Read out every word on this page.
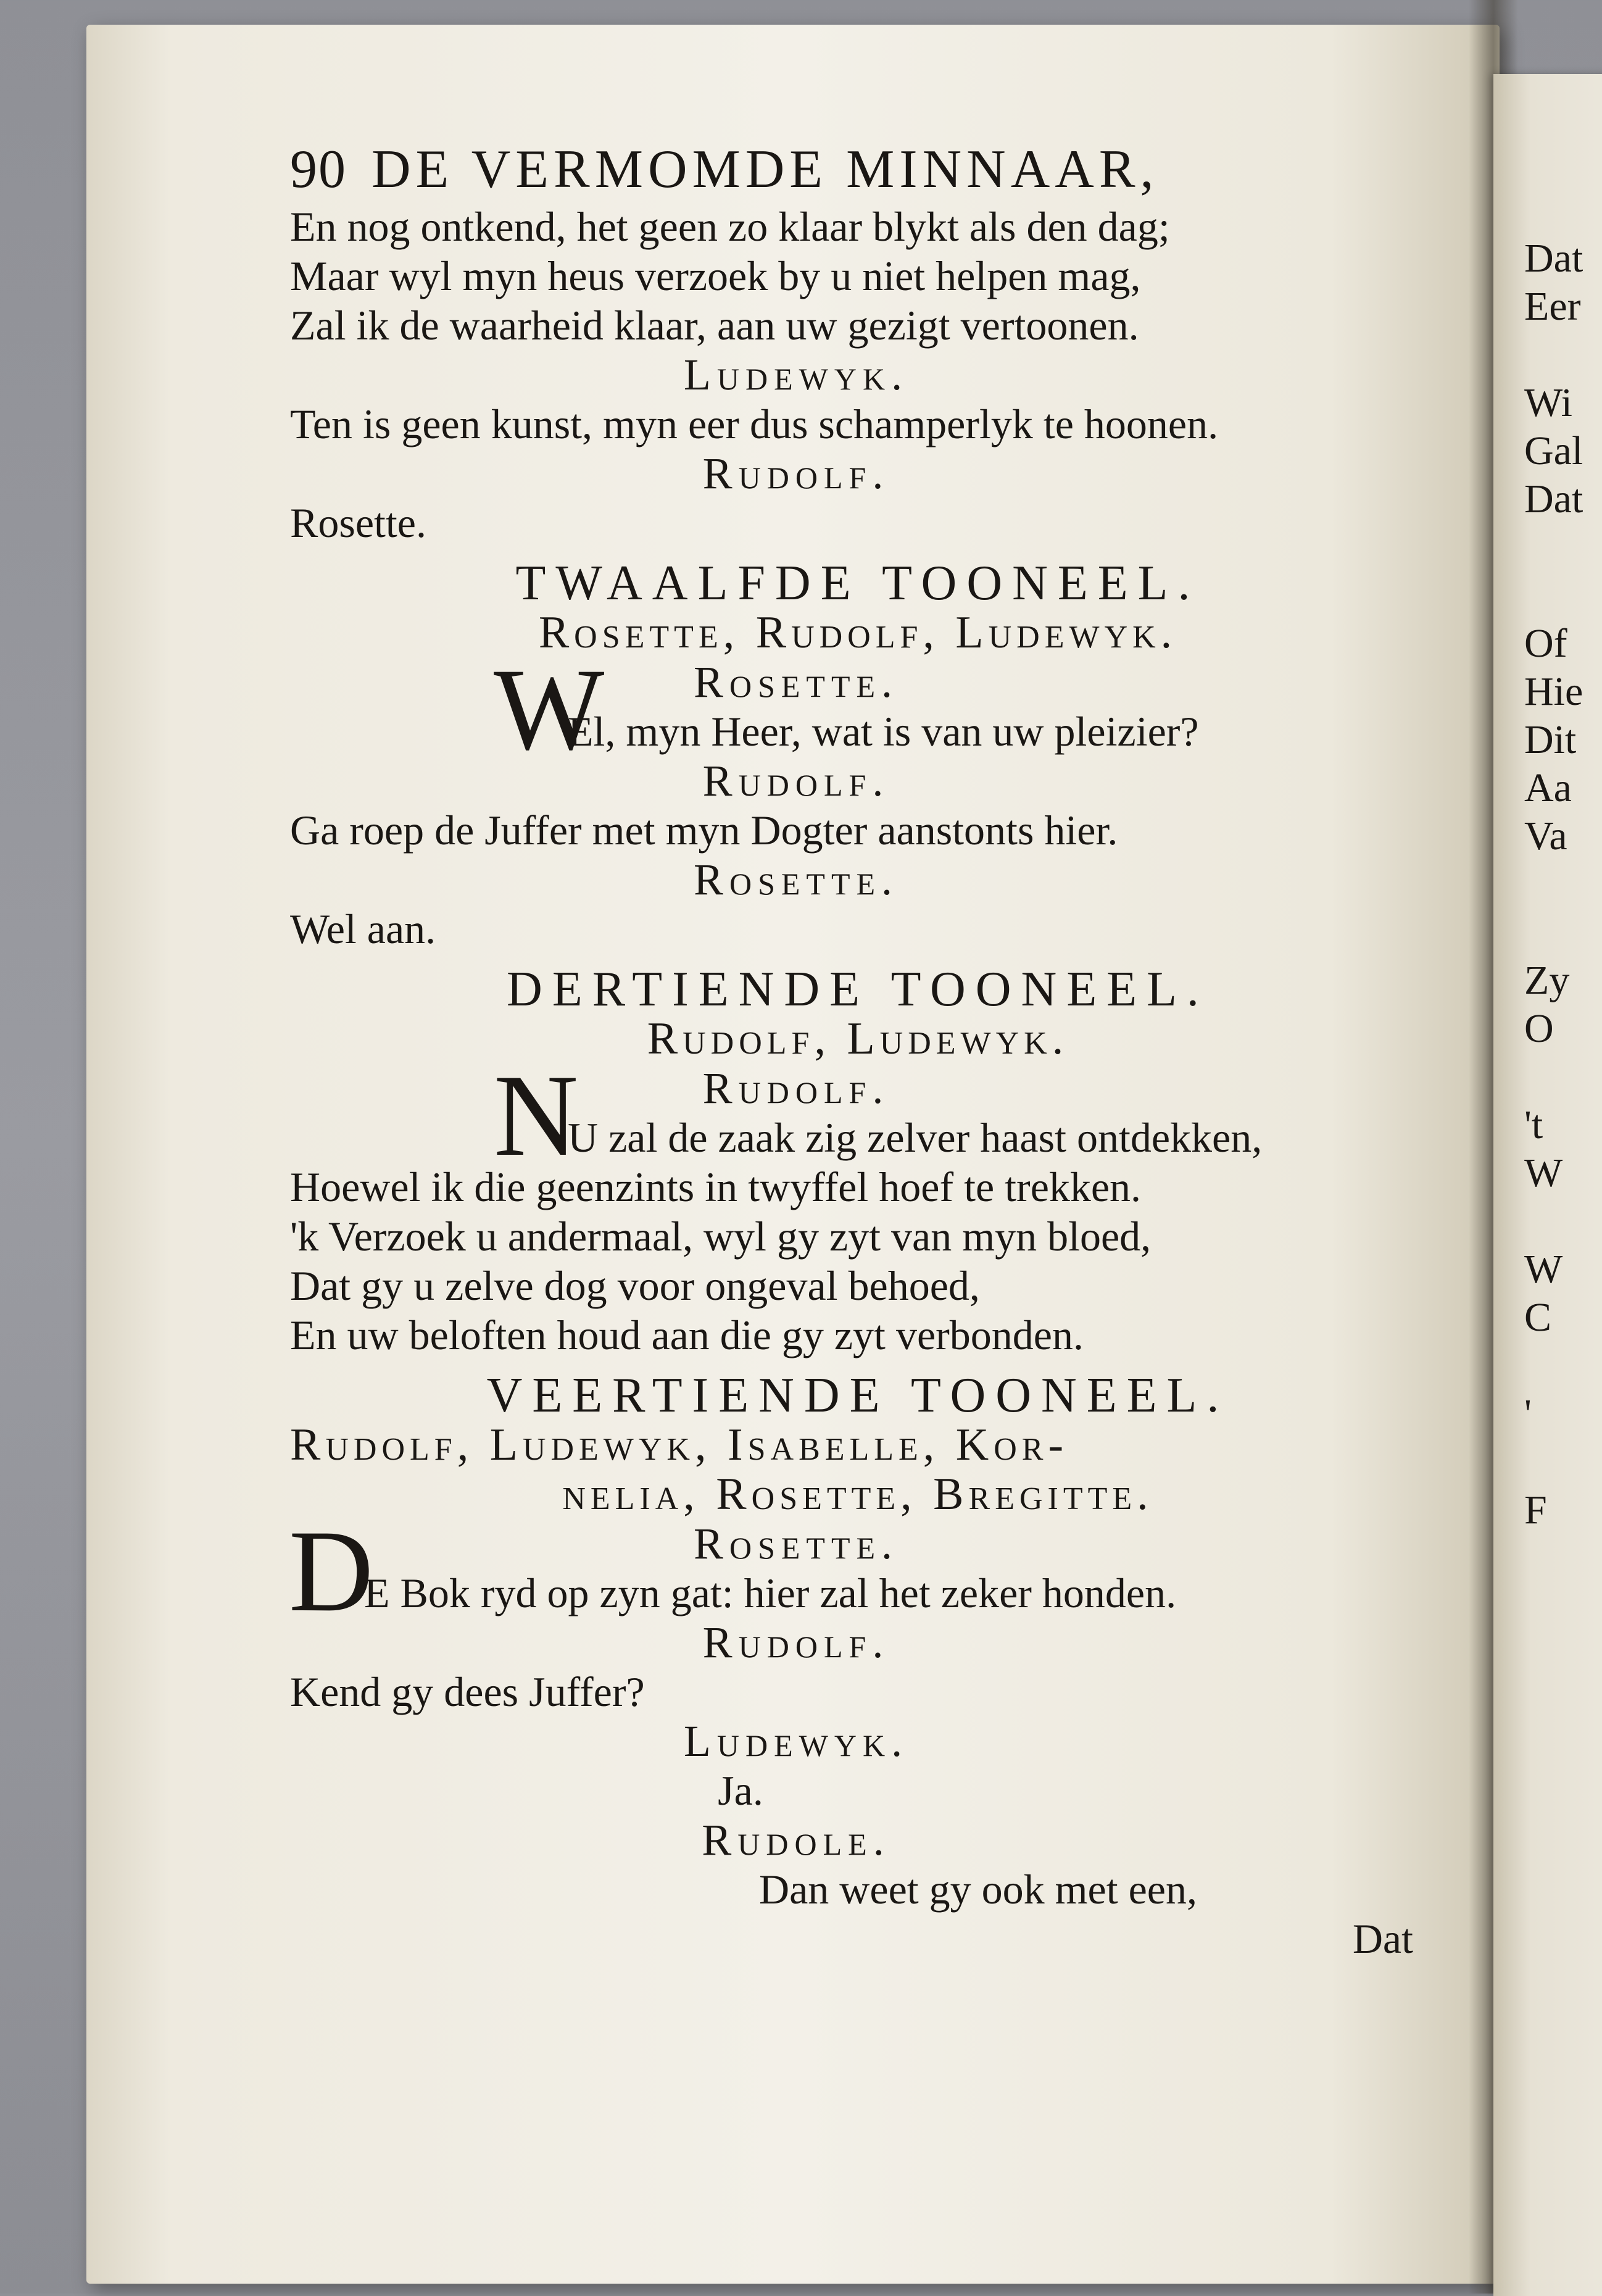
Dat
Eer

Wi
Gal
Dat

Of
Hie
Dit
Aa
Va

Zy
O

't
W

W
C

'

F
90 DE VERMOMDE MINNAAR,
En nog ontkend, het geen zo klaar blykt als den dag;
Maar wyl myn heus verzoek by u niet helpen mag,
Zal ik de waarheid klaar, aan uw gezigt vertoonen.
Ludewyk.
Ten is geen kunst, myn eer dus schamperlyk te hoonen.
Rudolf.
Rosette.
TWAALFDE TOONEEL.
Rosette, Rudolf, Ludewyk.
W	Rosette.
El, myn Heer, wat is van uw pleizier?
Rudolf.
Ga roep de Juffer met myn Dogter aanstonts hier.
Rosette.
Wel aan.
DERTIENDE TOONEEL.
Rudolf, Ludewyk.
N	Rudolf.
U zal de zaak zig zelver haast ontdekken,
Hoewel ik die geenzints in twyffel hoef te trekken.
'k Verzoek u andermaal, wyl gy zyt van myn bloed,
Dat gy u zelve dog voor ongeval behoed,
En uw beloften houd aan die gy zyt verbonden.
VEERTIENDE TOONEEL.
Rudolf, Ludewyk, Isabelle, Kor-
nelia, Rosette, Bregitte.
D	Rosette.
E Bok ryd op zyn gat: hier zal het zeker honden.
Rudolf.
Kend gy dees Juffer?
Ludewyk.
Ja.
Rudole.
Dan weet gy ook met een,
Dat
